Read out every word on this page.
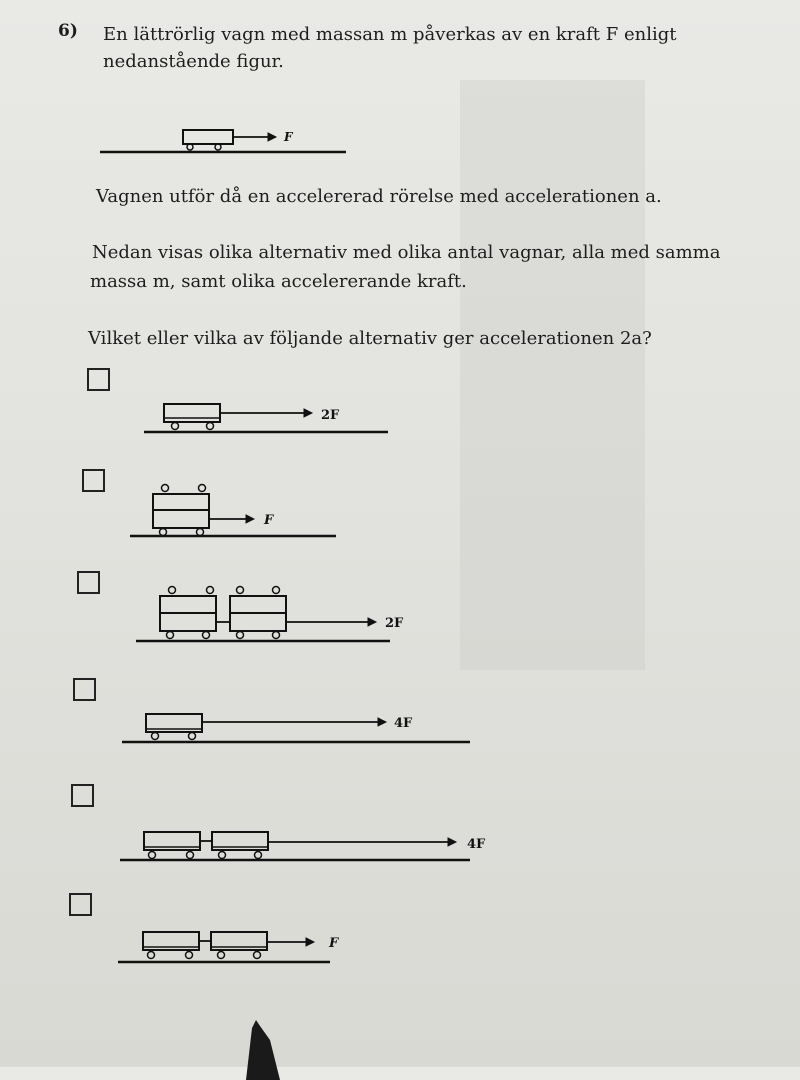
6) En lättrörlig vagn med massan m påverkas av en kraft F enligt
nedanstående figur.
F
2F
F
2F
4F
4F
F
Vagnen utför då en accelererad rörelse med accelerationen a.
Nedan visas olika alternativ med olika antal vagnar, alla med samma
massa m, samt olika accelererande kraft.
Vilket eller vilka av följande alternativ ger accelerationen 2a?
